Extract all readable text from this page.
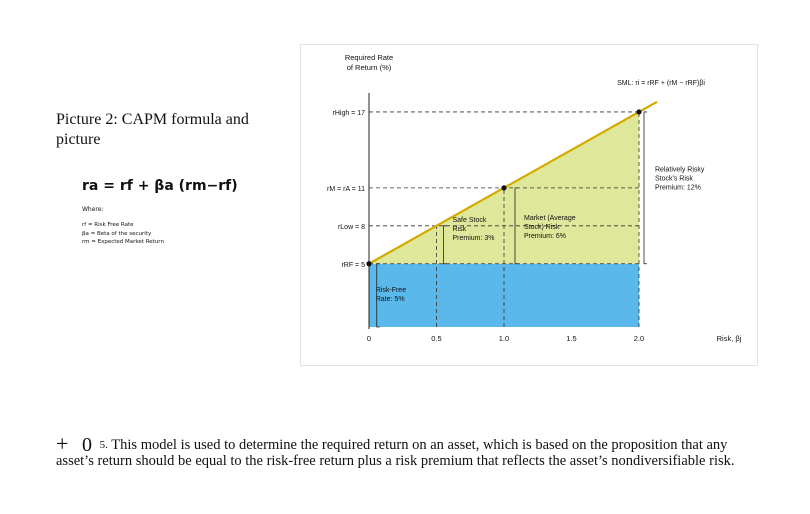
Picture 2: CAPM formula and picture

ra = rf + βa (rm−rf)
Where:
rf = Risk Free Rate
βa = Beta of the security
rm = Expected Market Return
rRF = 5
rLow = 8
rM = rA = 11
rHigh = 17
0	0.5	1.0	1.5	2.0
Required Rate
of Return (%)
Risk, βj
SML: ri = rRF + (rM − rRF)βi
Risk-Free
Rate: 5%
Safe Stock
Risk
Premium: 3%
Market (Average
Stock) Risk
Premium: 6%
Relatively Risky
Stock's Risk
Premium: 12%
+ 0 5. This model is used to determine the required return on an asset, which is based on the proposition that any asset’s return should be equal to the risk-free return plus a risk premium that reflects the asset’s nondiversifiable risk.
